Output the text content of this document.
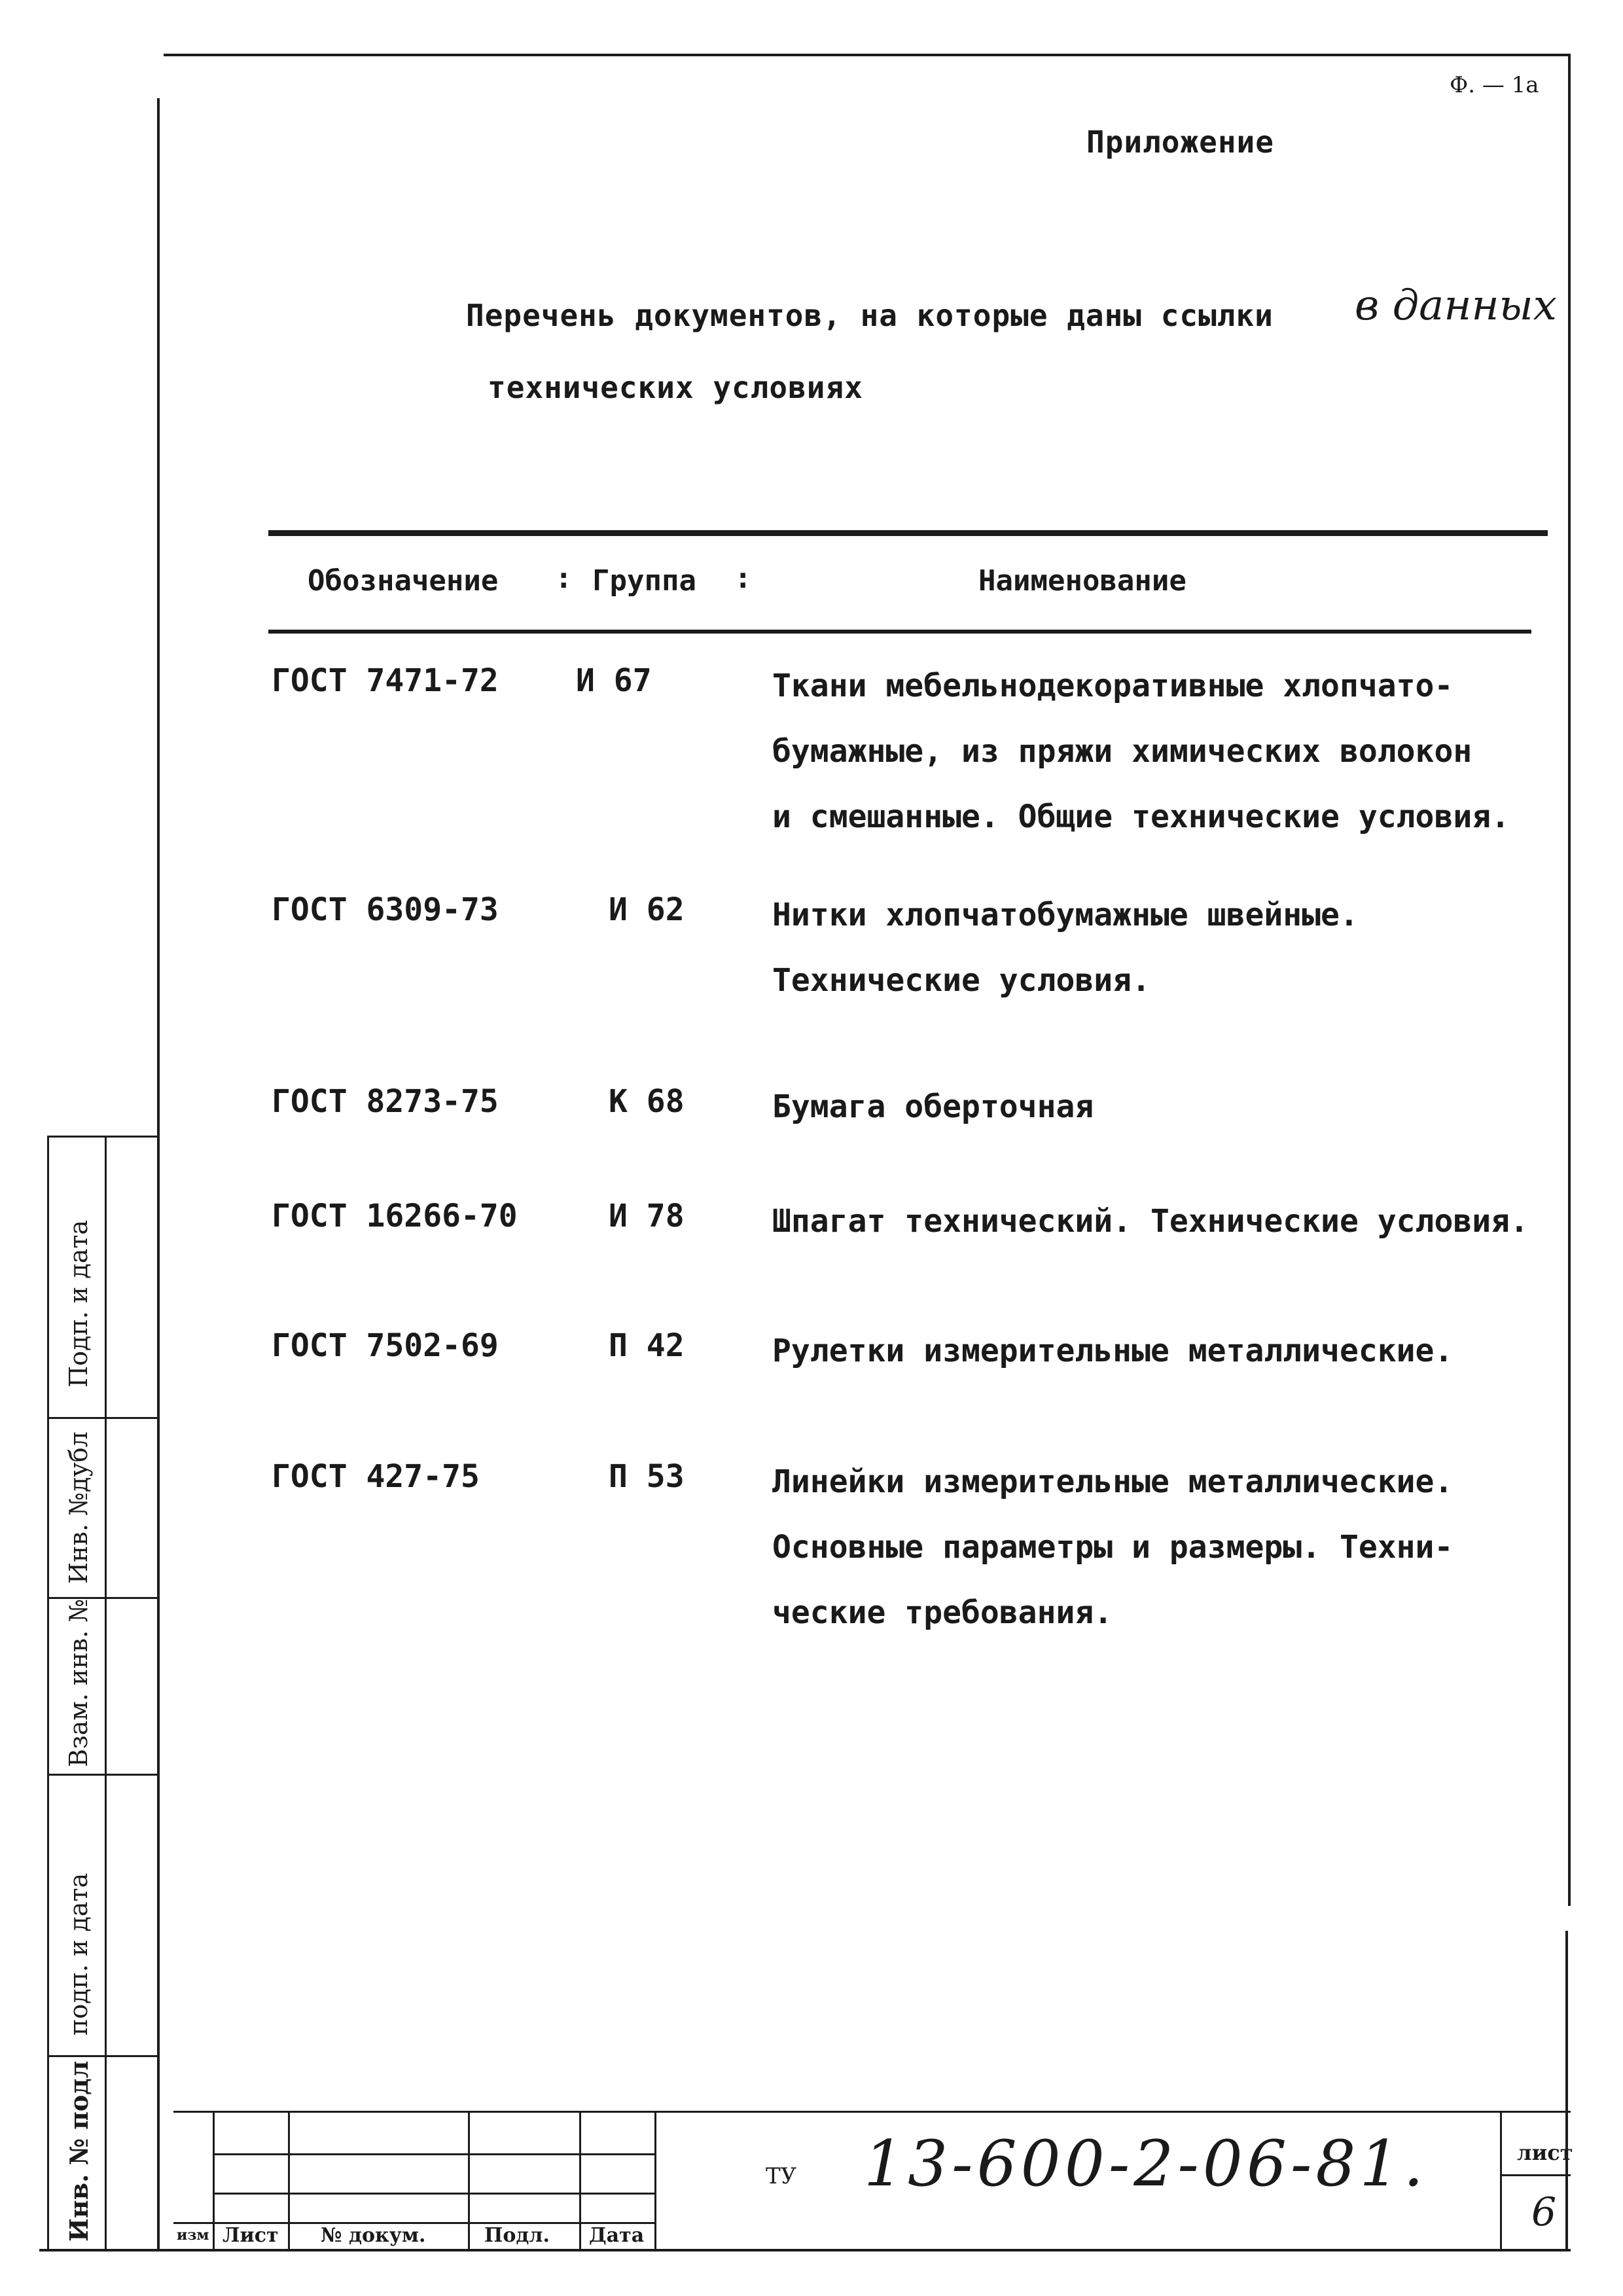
Ф. — 1а
Приложение
Перечень документов, на которые даны ссылки в данных
технических условиях
Обозначение : Группа :	Наименование
ГОСТ 7471-72 И 67	Ткани мебельнодекоративные хлопчато-
бумажные, из пряжи химических волокон
и смешанные. Общие технические условия.
ГОСТ 6309-73	И 62	Нитки хлопчатобумажные швейные.
Технические условия.
ГОСТ 8273-75	К 68	Бумага оберточная
ГОСТ 16266-70	И 78	Шпагат технический. Технические условия.
ГОСТ 7502-69	П 42	Рулетки измерительные металлические.
ГОСТ 427-75	П 53	Линейки измерительные металлические.
Основные параметры и размеры. Техни-
ческие требования.
Подп. и дата
Инв. №дубл
Взам. инв. №
подп. и дата
Инв. № подл	изм Лист № докум.	Подл. Дата
ТУ 13-600-2-06-81.	лист
6
